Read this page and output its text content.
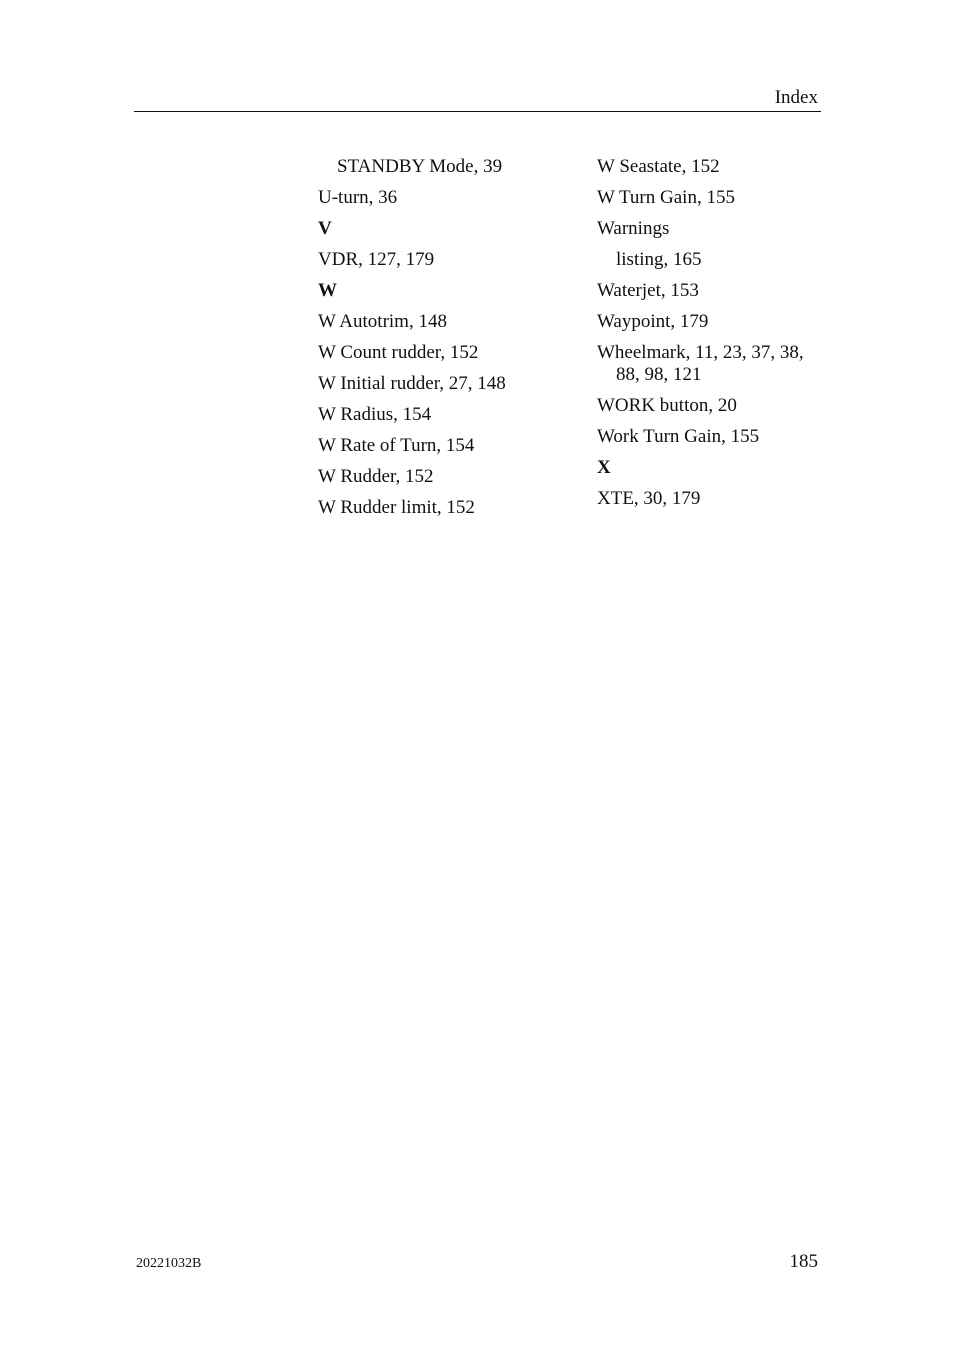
Index
STANDBY Mode, 39
U-turn, 36
V
VDR, 127, 179
W
W Autotrim, 148
W Count rudder, 152
W Initial rudder, 27, 148
W Radius, 154
W Rate of Turn, 154
W Rudder, 152
W Rudder limit, 152
W Seastate, 152
W Turn Gain, 155
Warnings
listing, 165
Waterjet, 153
Waypoint, 179
Wheelmark, 11, 23, 37, 38, 88, 98, 121
WORK button, 20
Work Turn Gain, 155
X
XTE, 30, 179
20221032B	185
